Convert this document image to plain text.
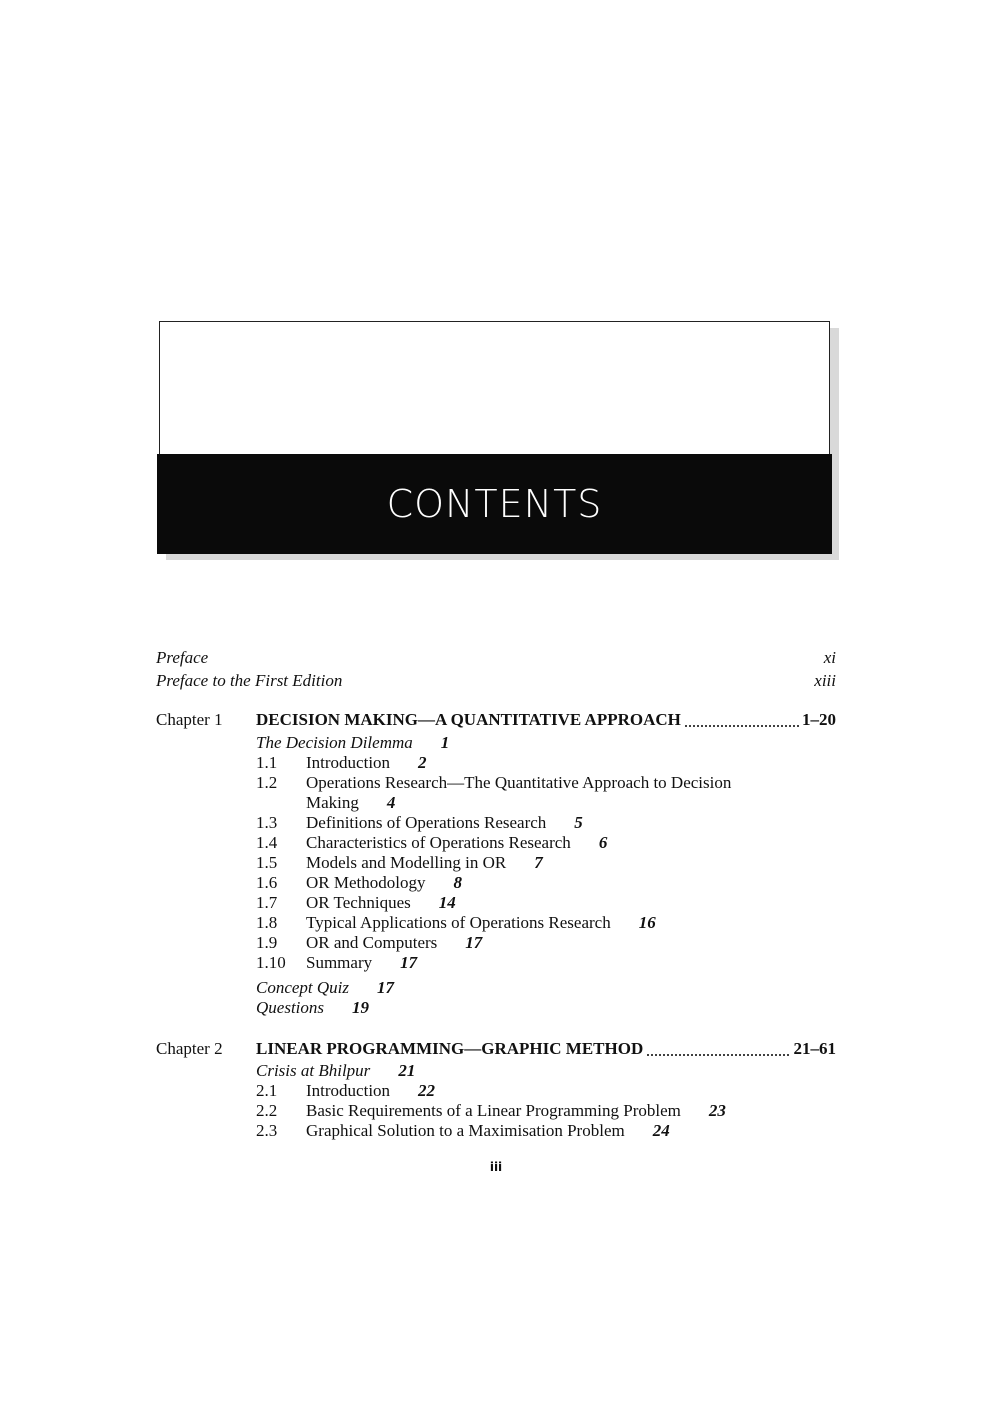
CONTENTS
Preface	xi
Preface to the First Edition	xiii
Chapter 1	DECISION MAKING—A QUANTITATIVE APPROACH	1–20
The Decision Dilemma 1
1.1 Introduction 2
1.2 Operations Research—The Quantitative Approach to Decision
Making 4
1.3 Definitions of Operations Research 5
1.4 Characteristics of Operations Research 6
1.5 Models and Modelling in OR 7
1.6 OR Methodology 8
1.7 OR Techniques 14
1.8 Typical Applications of Operations Research 16
1.9 OR and Computers 17
1.10 Summary 17
Concept Quiz 17
Questions 19
Chapter 2	LINEAR PROGRAMMING—GRAPHIC METHOD	21–61
Crisis at Bhilpur 21
2.1 Introduction 22
2.2 Basic Requirements of a Linear Programming Problem 23
2.3 Graphical Solution to a Maximisation Problem 24
iii
